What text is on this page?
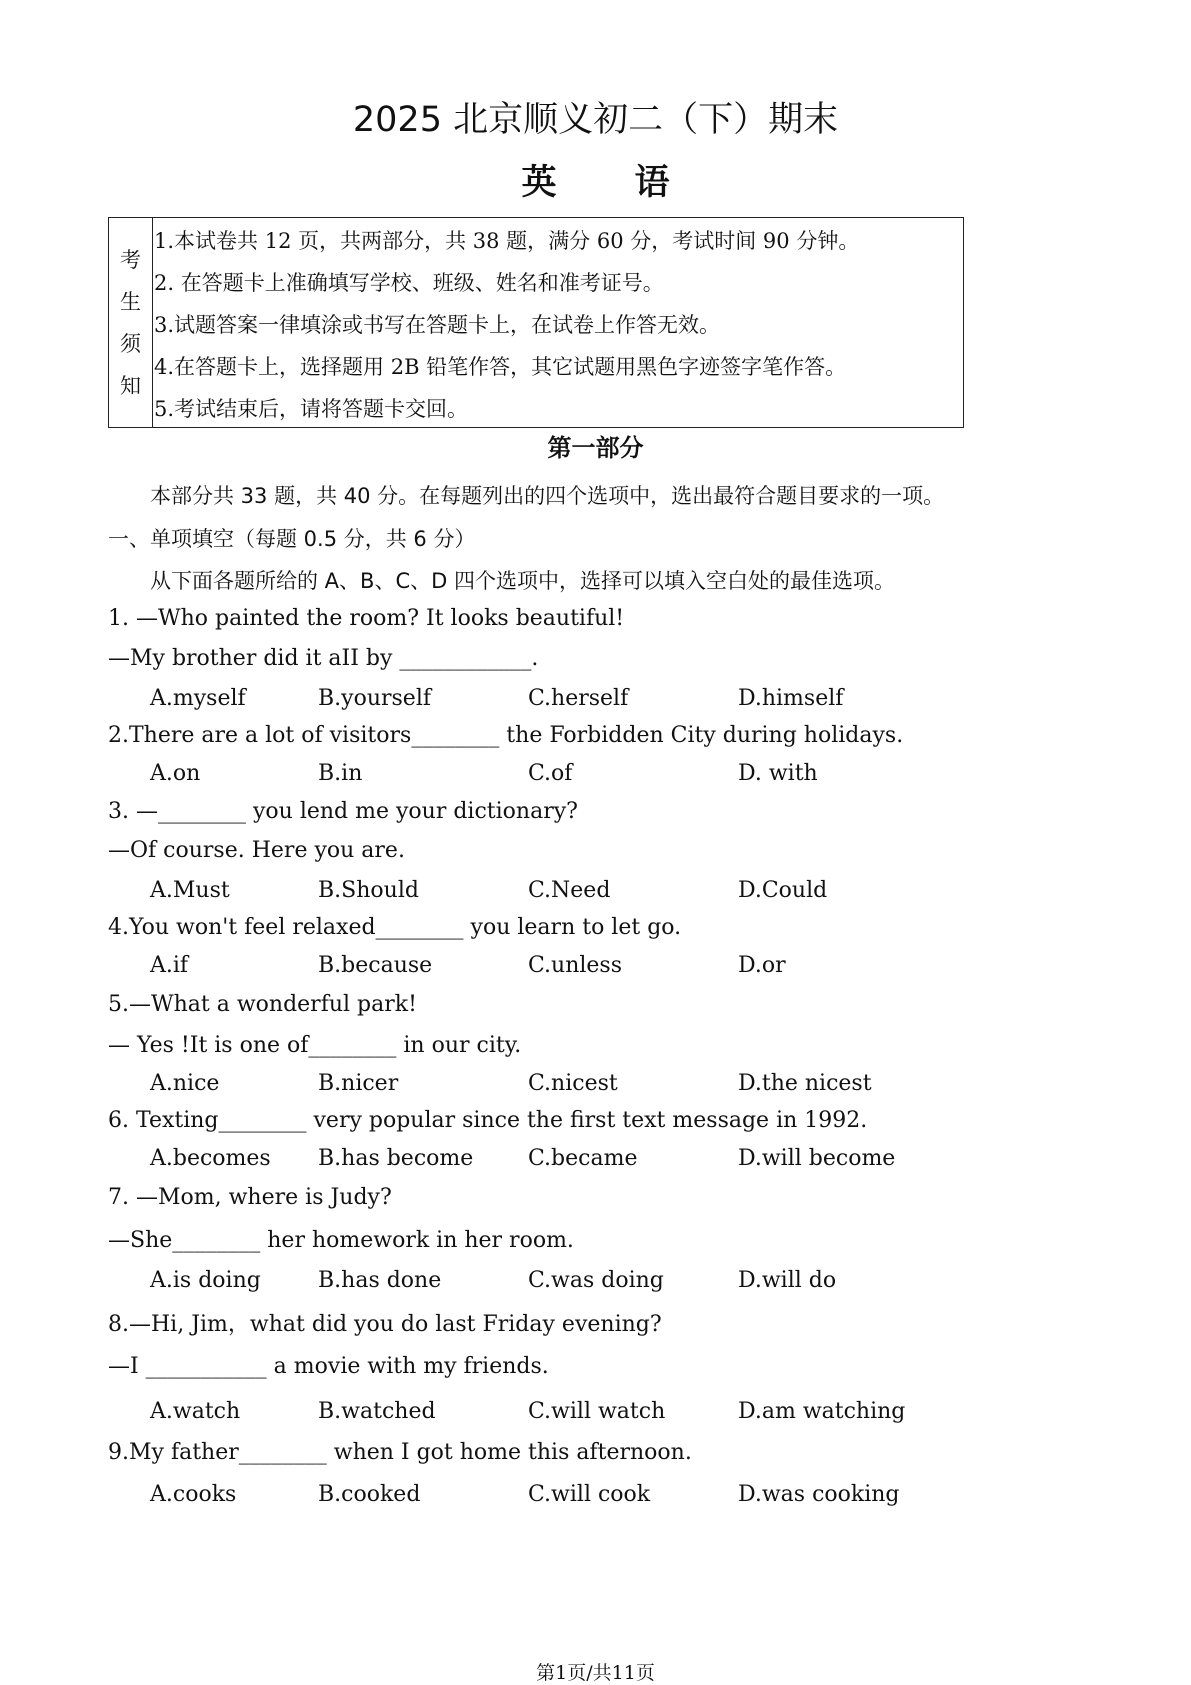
2025 北京顺义初二（下）期末
英 语
考
生
须
知
1.本试卷共 12 页，共两部分，共 38 题，满分 60 分，考试时间 90 分钟。
2. 在答题卡上准确填写学校、班级、姓名和准考证号。
3.试题答案一律填涂或书写在答题卡上，在试卷上作答无效。
4.在答题卡上，选择题用 2B 铅笔作答，其它试题用黑色字迹签字笔作答。
5.考试结束后，请将答题卡交回。
第一部分
本部分共 33 题，共 40 分。在每题列出的四个选项中，选出最符合题目要求的一项。
一、单项填空（每题 0.5 分，共 6 分）
从下面各题所给的 A、B、C、D 四个选项中，选择可以填入空白处的最佳选项。
1. —Who painted the room? It looks beautiful!
—My brother did it aII by ____________.
A.myself	B.yourself	C.herself	D.himself
2.There are a lot of visitors________ the Forbidden City during holidays.
A.on	B.in	C.of	D. with
3. —________ you lend me your dictionary?
—Of course. Here you are.
A.Must	B.Should	C.Need	D.Could
4.You won't feel relaxed________ you learn to let go.
A.if	B.because	C.unless	D.or
5.—What a wonderful park!
— Yes !It is one of________ in our city.
A.nice	B.nicer	C.nicest	D.the nicest
6. Texting________ very popular since the first text message in 1992.
A.becomes B.has become C.became	D.will become
7. —Mom, where is Judy?
—She________ her homework in her room.
A.is doing	B.has done	C.was doing	D.will do
8.—Hi, Jim，what did you do last Friday evening?
—I ___________ a movie with my friends.
A.watch	B.watched	C.will watch	D.am watching
9.My father________ when I got home this afternoon.
A.cooks	B.cooked	C.will cook	D.was cooking
第1页/共11页
